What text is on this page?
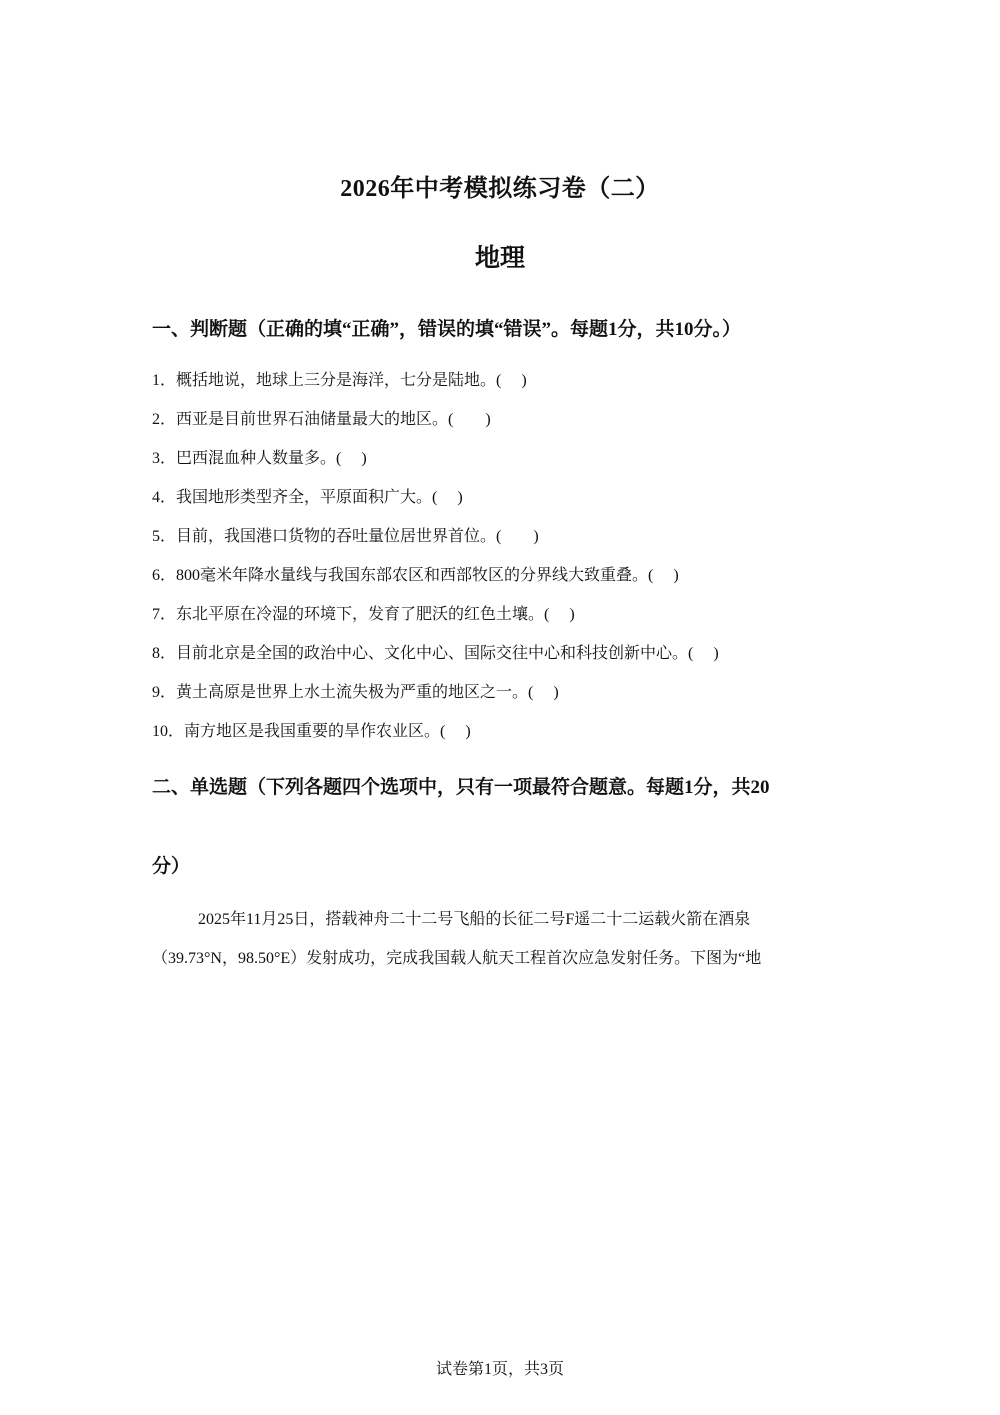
2026年中考模拟练习卷（二）
地理
一、判断题（正确的填“正确”，错误的填“错误”。每题1分，共10分。）
1．概括地说，地球上三分是海洋，七分是陆地。(　 )
2．西亚是目前世界石油储量最大的地区。(　　)
3．巴西混血种人数量多。(　 )
4．我国地形类型齐全，平原面积广大。(　 )
5．目前，我国港口货物的吞吐量位居世界首位。(　　)
6．800毫米年降水量线与我国东部农区和西部牧区的分界线大致重叠。(　 )
7．东北平原在冷湿的环境下，发育了肥沃的红色土壤。(　 )
8．目前北京是全国的政治中心、文化中心、国际交往中心和科技创新中心。(　 )
9．黄土高原是世界上水土流失极为严重的地区之一。(　 )
10．南方地区是我国重要的旱作农业区。(　 )
二、单选题（下列各题四个选项中，只有一项最符合题意。每题1分，共20
分）
2025年11月25日，搭载神舟二十二号飞船的长征二号F遥二十二运载火箭在酒泉
（39.73°N，98.50°E）发射成功，完成我国载人航天工程首次应急发射任务。下图为“地
试卷第1页，共3页
